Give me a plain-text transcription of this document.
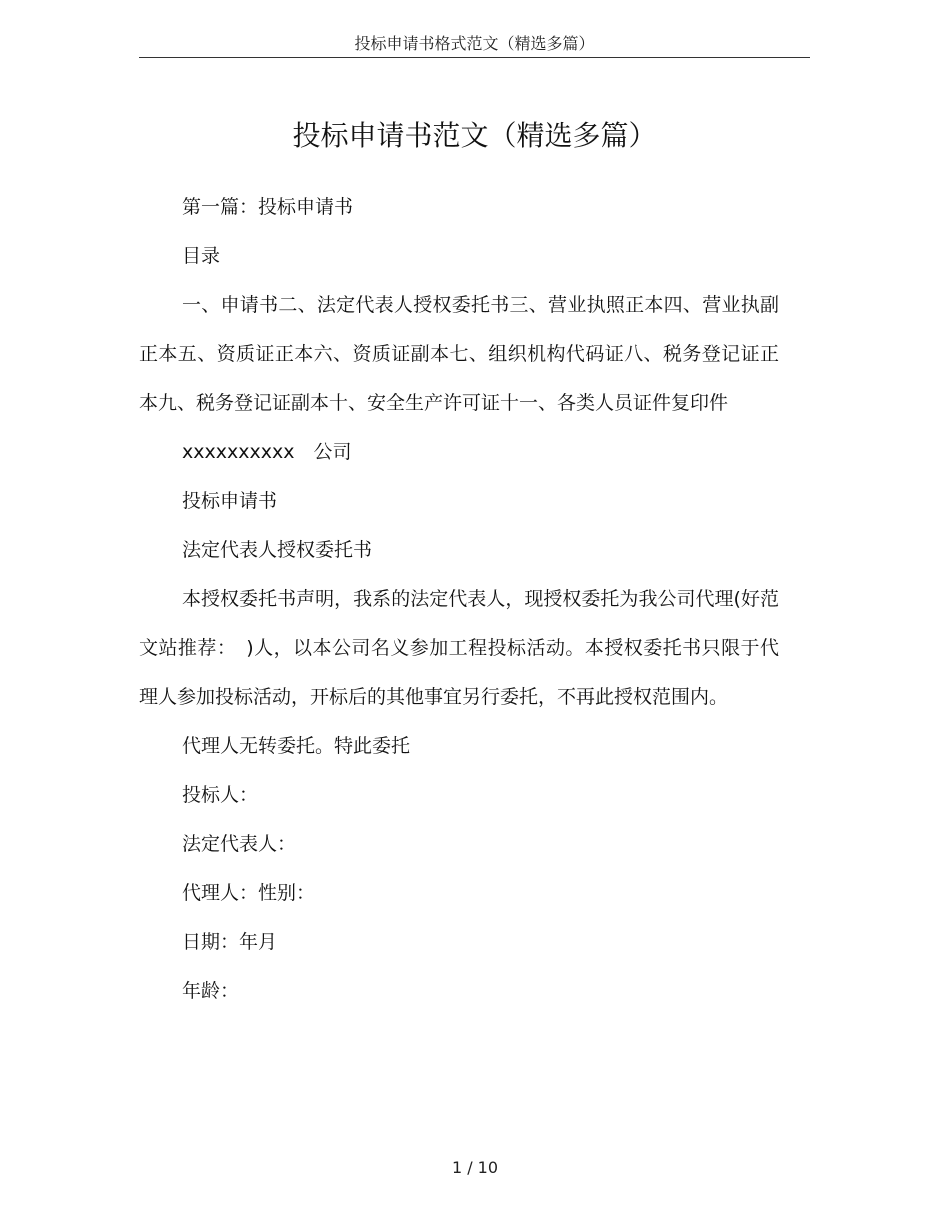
投标申请书格式范文（精选多篇）
投标申请书范文（精选多篇）

第一篇：投标申请书

目录

一、申请书二、法定代表人授权委托书三、营业执照正本四、营业执副正本五、资质证正本六、资质证副本七、组织机构代码证八、税务登记证正本九、税务登记证副本十、安全生产许可证十一、各类人员证件复印件

xxxxxxxxxx　公司

投标申请书

法定代表人授权委托书

本授权委托书声明，我系的法定代表人，现授权委托为我公司代理(好范文站推荐：　)人，以本公司名义参加工程投标活动。本授权委托书只限于代理人参加投标活动，开标后的其他事宜另行委托，不再此授权范围内。

代理人无转委托。特此委托

投标人：

法定代表人：

代理人：性别：

日期：年月

年龄：

1 / 10
